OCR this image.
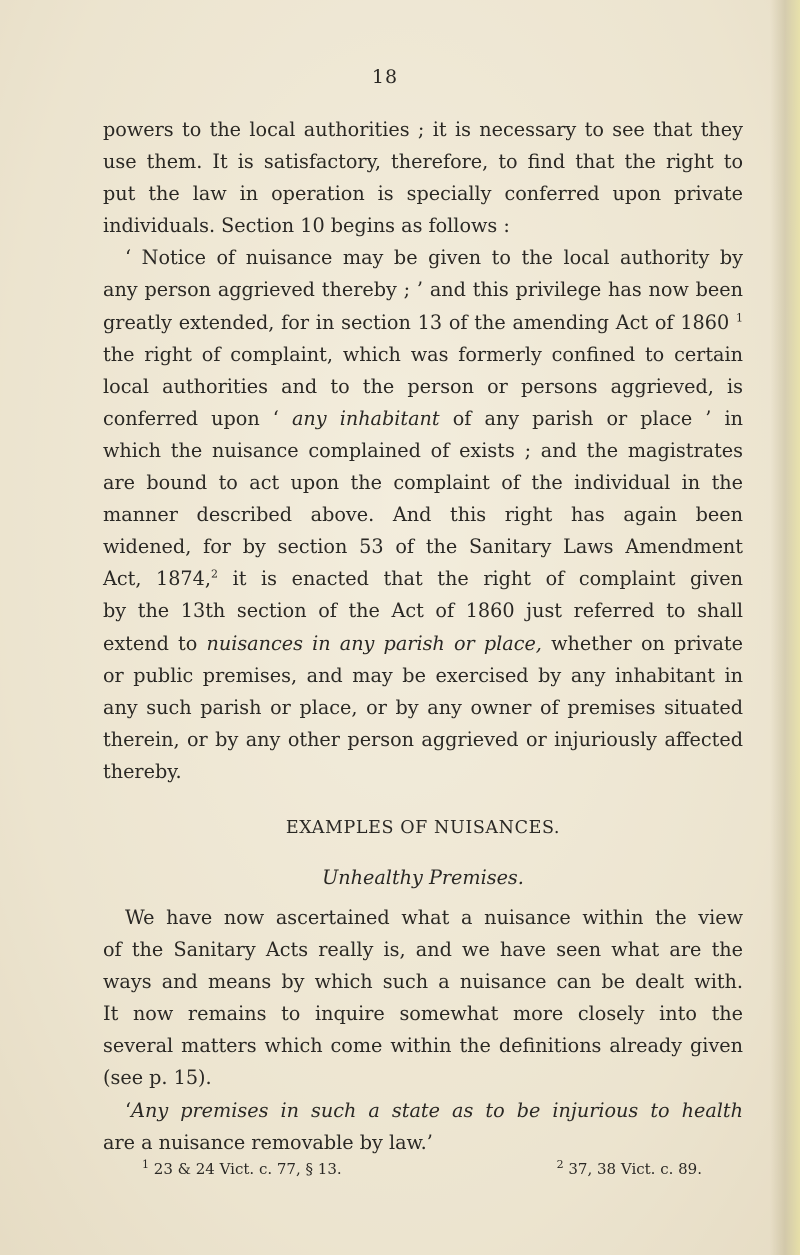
18

powers to the local authorities ; it is necessary to see that they
use them. It is satisfactory, therefore, to find that the right to
put the law in operation is specially conferred upon private
individuals. Section 10 begins as follows :

‘ Notice of nuisance may be given to the local authority by
any person aggrieved thereby ; ’ and this privilege has now been
greatly extended, for in section 13 of the amending Act of 1860 $^1$
the right of complaint, which was formerly confined to certain
local authorities and to the person or persons aggrieved, is
conferred upon ‘ any inhabitant of any parish or place ’ in
which the nuisance complained of exists ; and the magistrates
are bound to act upon the complaint of the individual in the
manner described above. And this right has again been
widened, for by section 53 of the Sanitary Laws Amendment
Act, 1874,$^2$ it is enacted that the right of complaint given
by the 13th section of the Act of 1860 just referred to shall
extend to nuisances in any parish or place, whether on private
or public premises, and may be exercised by any inhabitant in
any such parish or place, or by any owner of premises situated
therein, or by any other person aggrieved or injuriously affected
thereby.

EXAMPLES OF NUISANCES.
Unhealthy Premises.

We have now ascertained what a nuisance within the view
of the Sanitary Acts really is, and we have seen what are the
ways and means by which such a nuisance can be dealt with.
It now remains to inquire somewhat more closely into the
several matters which come within the definitions already given
(see p. 15).

‘Any premises in such a state as to be injurious to health
are a nuisance removable by law.’

$^1$ 23 & 24 Vict. c. 77, § 13.	$^2$ 37, 38 Vict. c. 89.
